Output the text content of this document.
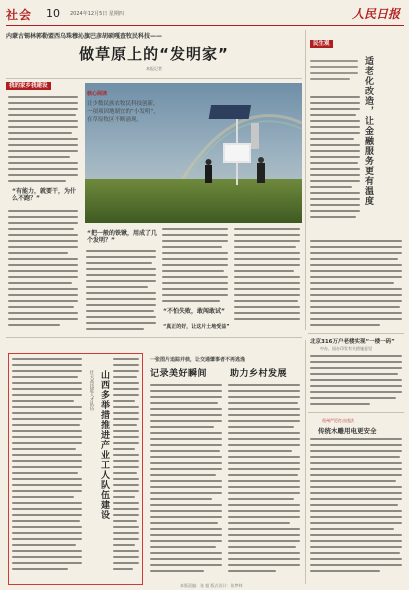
社会 10 2024年12月5日 星期四	人民日报
内蒙古锡林郭勒盟西乌珠穆沁旗巴彦胡硕嘎查牧民科技——
做草原上的“发明家”
本报记者
我的家乡我建设
核心阅读
让少数民族农牧民科技创新，一项项因地制宜的“小发明”，在草原牧区不断涌现。
“有能力，就要干，为什么不跑？”
“把一般的铁锹，用成了几个发明？”
“不怕失败，敢闯敢试”
“真正的好，让这片土地受益”
民生观
适老化改造，让金融服务更有温度
北京316万户老楼实现“一楼一码”
中办、国办印发有关措施意见
贵州严厉打击违法
传统木雕用电更安全
山西多举措推进产业工人队伍建设
壮大高技能人才队伍
一张图片追踪并核，让交通肇事者不再逃逸
记录美好瞬间	助力乡村发展
本版责编：张 超 版式设计：张梦林
